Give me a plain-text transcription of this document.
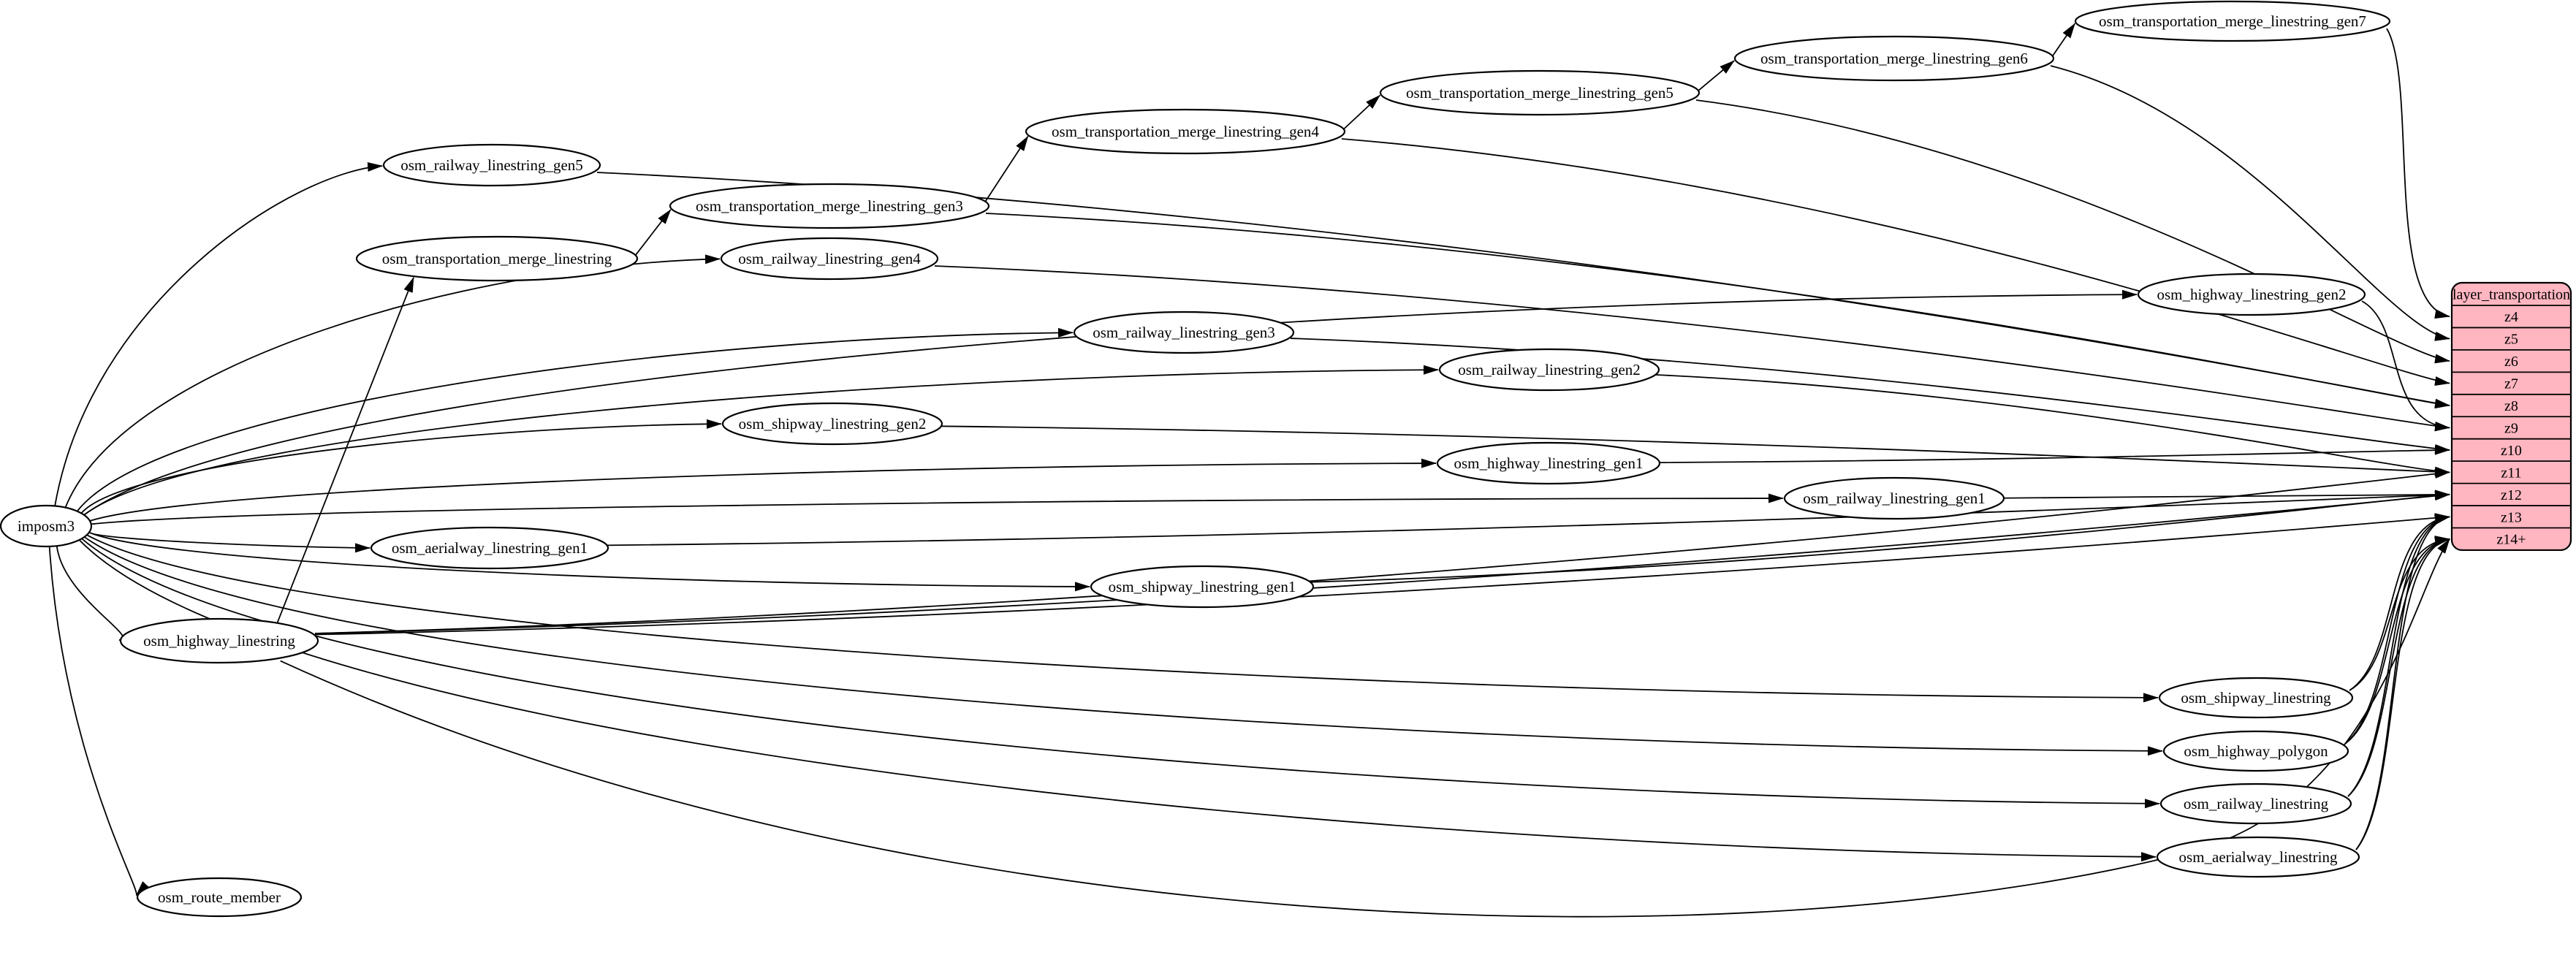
imposm3
osm_route_member
osm_highway_linestring
osm_aerialway_linestring_gen1
osm_railway_linestring_gen5
osm_transportation_merge_linestring
osm_transportation_merge_linestring_gen3
osm_railway_linestring_gen4
osm_shipway_linestring_gen2
osm_railway_linestring_gen3
osm_transportation_merge_linestring_gen4
osm_shipway_linestring_gen1
osm_transportation_merge_linestring_gen5
osm_railway_linestring_gen2
osm_highway_linestring_gen1
osm_transportation_merge_linestring_gen6
osm_railway_linestring_gen1
osm_transportation_merge_linestring_gen7
osm_highway_linestring_gen2
osm_shipway_linestring
osm_highway_polygon
osm_railway_linestring
osm_aerialway_linestring
layer_transportation
z4
z5
z6
z7
z8
z9
z10
z11
z12
z13
z14+
